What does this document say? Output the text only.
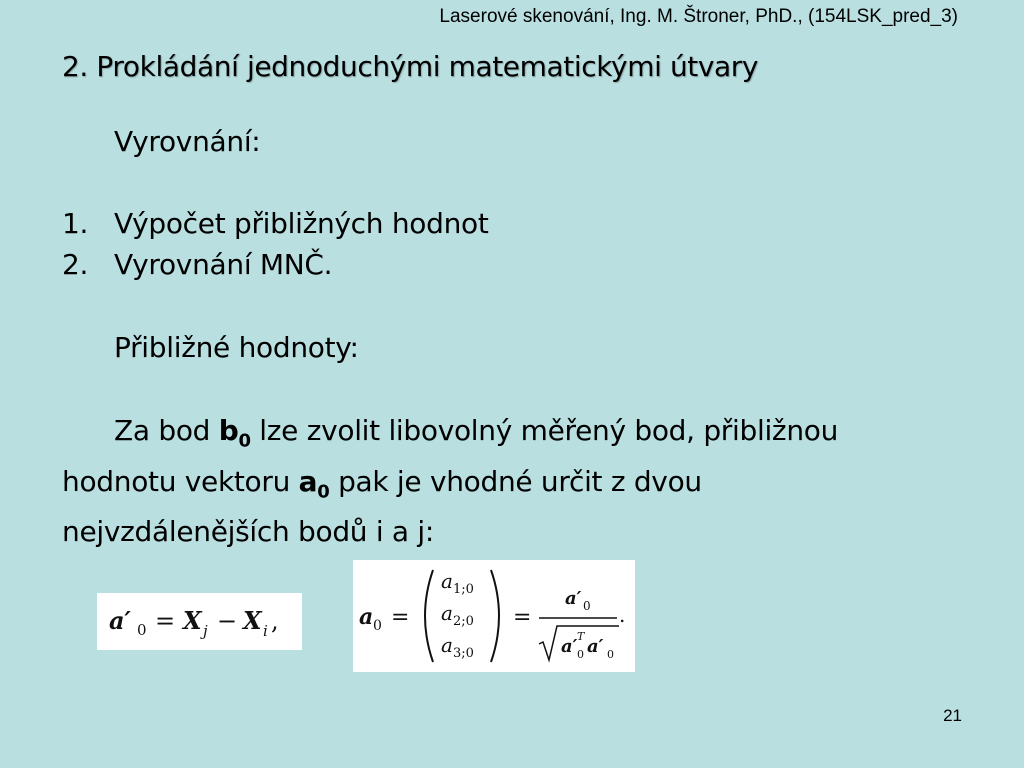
Laserové skenování, Ing. M. Štroner, PhD., (154LSK_pred_3)
2. Prokládání jednoduchými matematickými útvary
Vyrovnání:
1. Výpočet přibližných hodnot
2. Vyrovnání MNČ.
Přibližné hodnoty:
Za bod $b_0$ lze zvolit libovolný měřený bod, přibližnou hodnotu vektoru $a_0$ pak je vhodné určit z dvou nejvzdálenějších bodů i a j:
a′ 0 = X j − X i ,	a 0 =
a 1;0
a 2;0
a 3;0
=
a′ 0
a′ T
0 a′ 0
.
21
